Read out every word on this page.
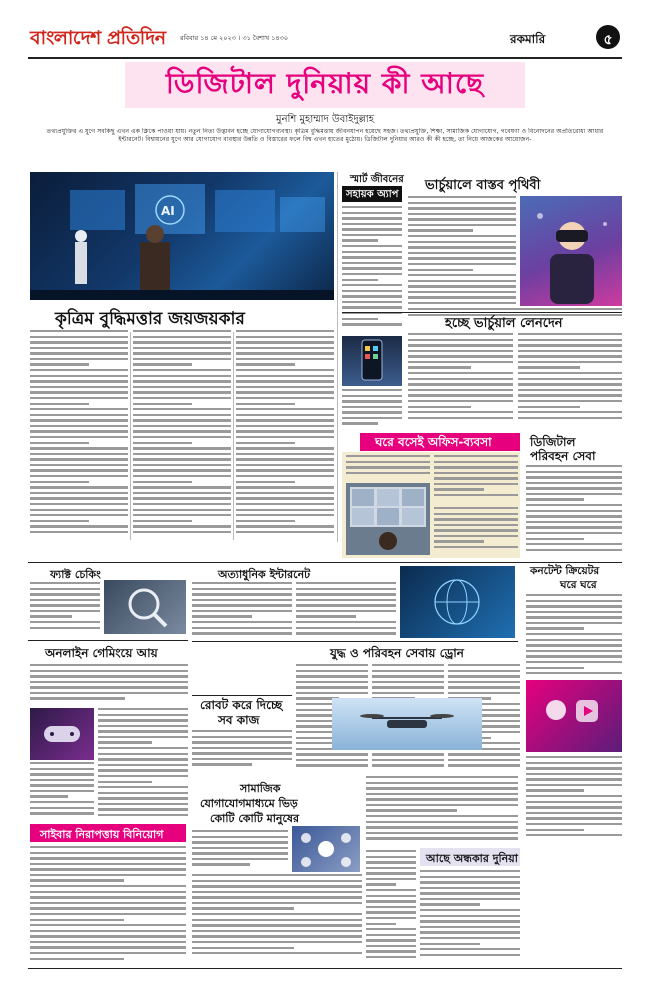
বাংলাদেশ প্রতিদিন রবিবার ১৪ মে ২০২৩ । ৩১ বৈশাখ ১৪৩০	রকমারি	৫
ডিজিটাল দুনিয়ায় কী আছে
মুনশি মুহাম্মাদ উবাইদুল্লাহ
তথ্যপ্রযুক্তির এ যুগে সবকিছু এখন এক ক্লিকে পাওয়া যায়। নতুন নিত্য উদ্ভাবন হচ্ছে যোগাযোগব্যবস্থা। কৃত্রিম বুদ্ধিমত্তায় জীবনযাপন হয়েছে সহজ। তথ্যপ্রযুক্তি, শিক্ষা, সামাজিক যোগাযোগ, গবেষণা ও বিনোদনের অপ্রতিরোধ্য আধার ইন্টারনেট। বিশ্বায়নের যুগে আর যোগাযোগ ব্যবস্থার উন্নতি ও বিস্তারের ফলে বিশ্ব এখন হাতের মুঠোয়। ডিজিটাল দুনিয়ার আরও কী কী হচ্ছে, তা নিয়ে আজকের আয়োজন-
AI
কৃত্রিম বুদ্ধিমত্তার জয়জয়কার
স্মার্ট জীবনের
সহায়ক অ্যাপ
ভার্চুয়ালে বাস্তব পৃথিবী
হচ্ছে ভার্চুয়াল লেনদেন
ঘরে বসেই অফিস-ব্যবসা	ডিজিটাল
পরিবহন সেবা
ফ্যাক্ট চেকিং	অত্যাধুনিক ইন্টারনেট	কনটেন্ট ক্রিয়েটর
ঘরে ঘরে
যুদ্ধ ও পরিবহন সেবায় ড্রোন
অনলাইন গেমিংয়ে আয়
রোবট করে দিচ্ছে
সব কাজ
সামাজিক
যোগাযোগমাধ্যমে ভিড়
কোটি কোটি মানুষের
সাইবার নিরাপত্তায় বিনিয়োগ
আছে অন্ধকার দুনিয়া
